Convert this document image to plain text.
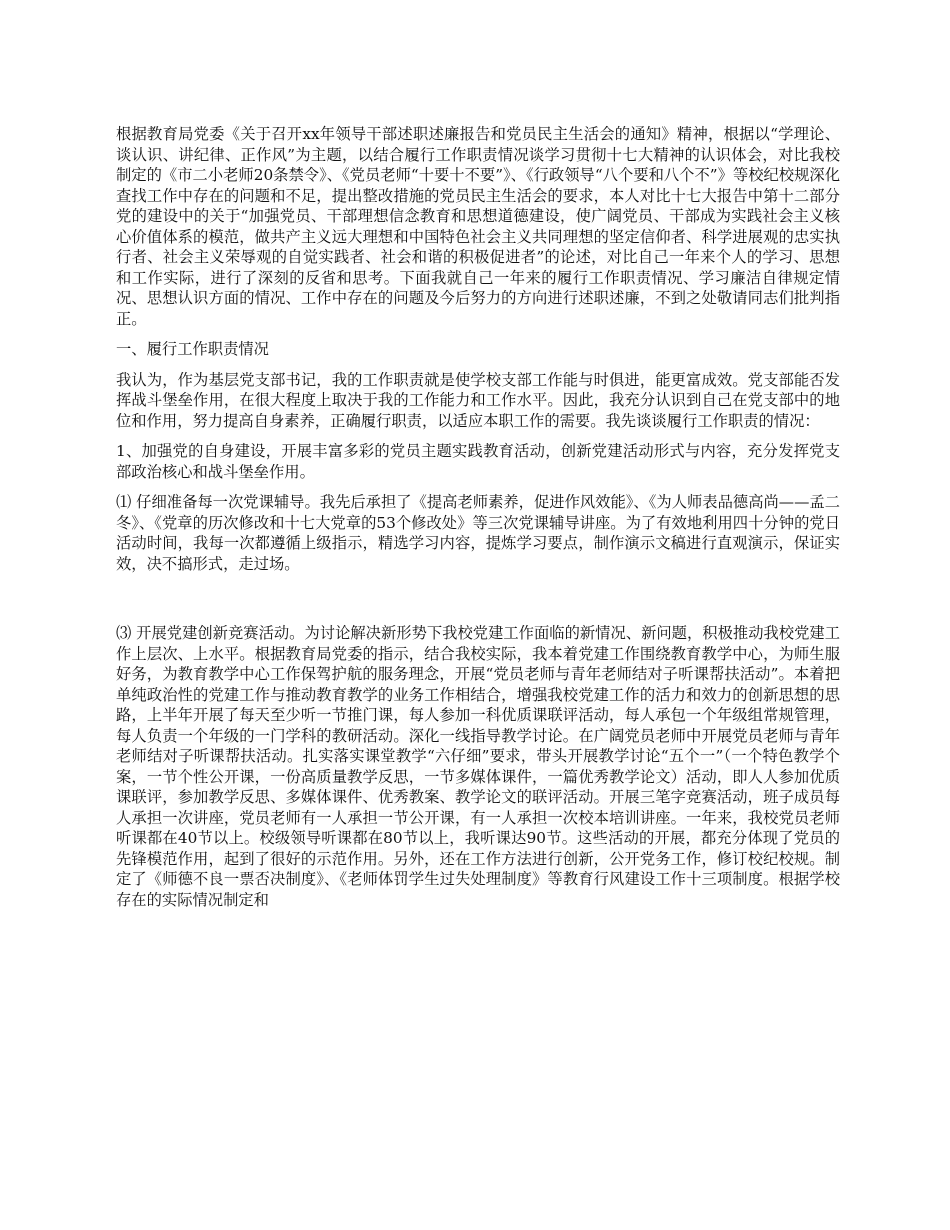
根据教育局党委《关于召开xx年领导干部述职述廉报告和党员民主生活会的通知》精神，根据以“学理论、谈认识、讲纪律、正作风”为主题，以结合履行工作职责情况谈学习贯彻十七大精神的认识体会，对比我校制定的《市二小老师20条禁令》、《党员老师“十要十不要”》、《行政领导“八个要和八个不”》等校纪校规深化查找工作中存在的问题和不足，提出整改措施的党员民主生活会的要求，本人对比十七大报告中第十二部分党的建设中的关于“加强党员、干部理想信念教育和思想道德建设，使广阔党员、干部成为实践社会主义核心价值体系的模范，做共产主义远大理想和中国特色社会主义共同理想的坚定信仰者、科学进展观的忠实执行者、社会主义荣辱观的自觉实践者、社会和谐的积极促进者”的论述，对比自己一年来个人的学习、思想和工作实际，进行了深刻的反省和思考。下面我就自己一年来的履行工作职责情况、学习廉洁自律规定情况、思想认识方面的情况、工作中存在的问题及今后努力的方向进行述职述廉，不到之处敬请同志们批判指正。

一、履行工作职责情况

我认为，作为基层党支部书记，我的工作职责就是使学校支部工作能与时俱进，能更富成效。党支部能否发挥战斗堡垒作用，在很大程度上取决于我的工作能力和工作水平。因此，我充分认识到自己在党支部中的地位和作用，努力提高自身素养，正确履行职责，以适应本职工作的需要。我先谈谈履行工作职责的情况：

1、加强党的自身建设，开展丰富多彩的党员主题实践教育活动，创新党建活动形式与内容，充分发挥党支部政治核心和战斗堡垒作用。

⑴ 仔细准备每一次党课辅导。我先后承担了《提高老师素养，促进作风效能》、《为人师表品德高尚——孟二冬》、《党章的历次修改和十七大党章的53个修改处》等三次党课辅导讲座。为了有效地利用四十分钟的党日活动时间，我每一次都遵循上级指示，精选学习内容，提炼学习要点，制作演示文稿进行直观演示，保证实效，决不搞形式，走过场。

⑶ 开展党建创新竞赛活动。为讨论解决新形势下我校党建工作面临的新情况、新问题，积极推动我校党建工作上层次、上水平。根据教育局党委的指示，结合我校实际，我本着党建工作围绕教育教学中心，为师生服好务，为教育教学中心工作保驾护航的服务理念，开展“党员老师与青年老师结对子听课帮扶活动”。本着把单纯政治性的党建工作与推动教育教学的业务工作相结合，增强我校党建工作的活力和效力的创新思想的思路，上半年开展了每天至少听一节推门课，每人参加一科优质课联评活动，每人承包一个年级组常规管理，每人负责一个年级的一门学科的教研活动。深化一线指导教学讨论。在广阔党员老师中开展党员老师与青年老师结对子听课帮扶活动。扎实落实课堂教学“六仔细”要求，带头开展教学讨论“五个一”（一个特色教学个案，一节个性公开课，一份高质量教学反思，一节多媒体课件，一篇优秀教学论文）活动，即人人参加优质课联评，参加教学反思、多媒体课件、优秀教案、教学论文的联评活动。开展三笔字竞赛活动，班子成员每人承担一次讲座，党员老师有一人承担一节公开课，有一人承担一次校本培训讲座。一年来，我校党员老师听课都在40节以上。校级领导听课都在80节以上，我听课达90节。这些活动的开展，都充分体现了党员的先锋模范作用，起到了很好的示范作用。另外，还在工作方法进行创新，公开党务工作，修订校纪校规。制定了《师德不良一票否决制度》、《老师体罚学生过失处理制度》等教育行风建设工作十三项制度。根据学校存在的实际情况制定和
